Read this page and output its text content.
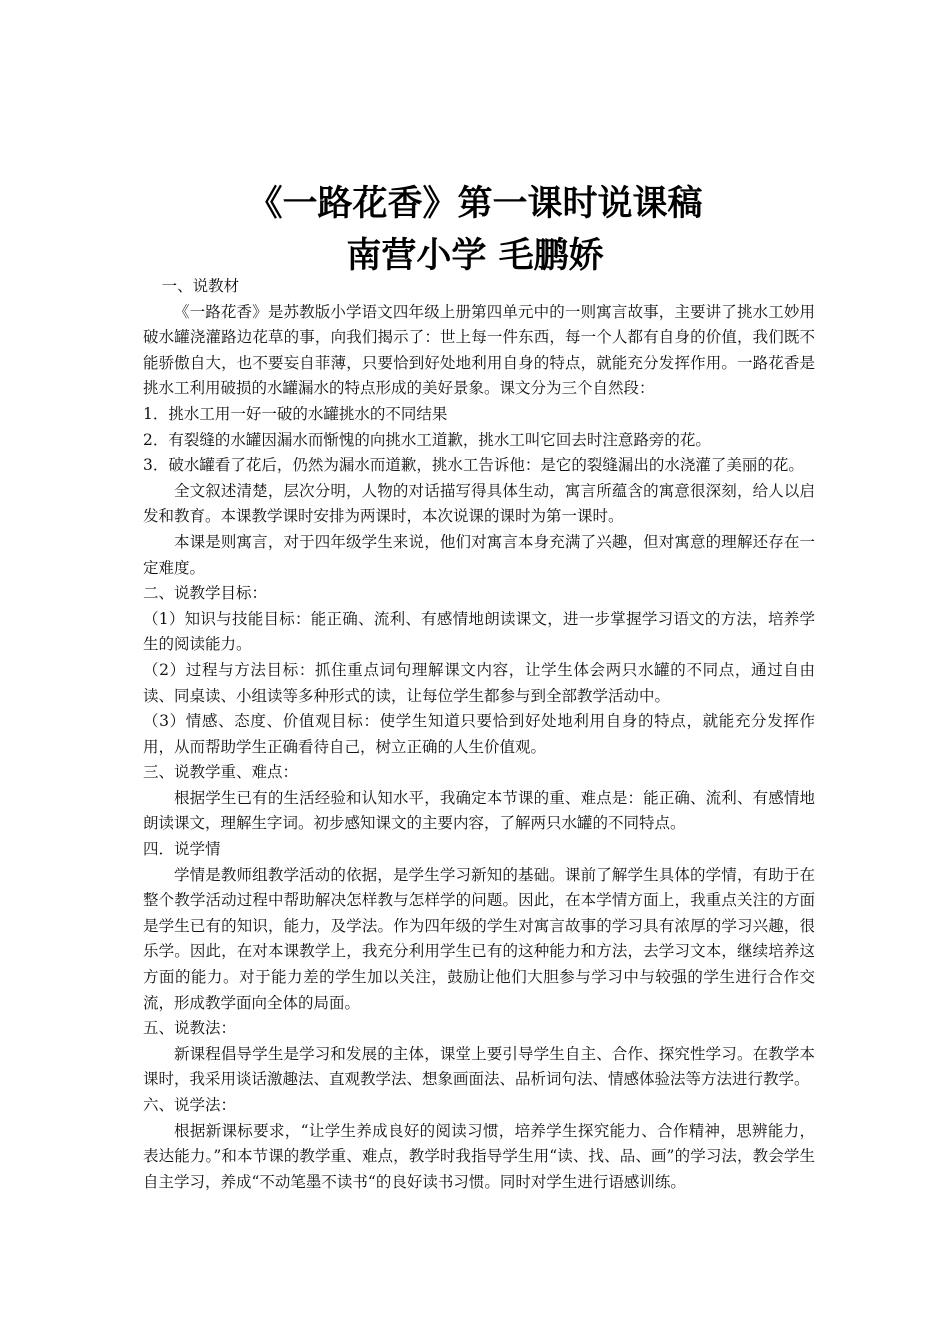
《一路花香》第一课时说课稿
南营小学 毛鹏娇

一、说教材

《一路花香》是苏教版小学语文四年级上册第四单元中的一则寓言故事，主要讲了挑水工妙用破水罐浇灌路边花草的事，向我们揭示了：世上每一件东西，每一个人都有自身的价值，我们既不能骄傲自大，也不要妄自菲薄，只要恰到好处地利用自身的特点，就能充分发挥作用。一路花香是挑水工利用破损的水罐漏水的特点形成的美好景象。课文分为三个自然段：

1．挑水工用一好一破的水罐挑水的不同结果

2．有裂缝的水罐因漏水而惭愧的向挑水工道歉，挑水工叫它回去时注意路旁的花。

3．破水罐看了花后，仍然为漏水而道歉，挑水工告诉他：是它的裂缝漏出的水浇灌了美丽的花。

全文叙述清楚，层次分明，人物的对话描写得具体生动，寓言所蕴含的寓意很深刻，给人以启发和教育。本课教学课时安排为两课时，本次说课的课时为第一课时。

本课是则寓言，对于四年级学生来说，他们对寓言本身充满了兴趣，但对寓意的理解还存在一定难度。

二、说教学目标：

（1）知识与技能目标：能正确、流利、有感情地朗读课文，进一步掌握学习语文的方法，培养学生的阅读能力。

（2）过程与方法目标：抓住重点词句理解课文内容，让学生体会两只水罐的不同点，通过自由读、同桌读、小组读等多种形式的读，让每位学生都参与到全部教学活动中。

（3）情感、态度、价值观目标：使学生知道只要恰到好处地利用自身的特点，就能充分发挥作用，从而帮助学生正确看待自己，树立正确的人生价值观。

三、说教学重、难点：

根据学生已有的生活经验和认知水平，我确定本节课的重、难点是：能正确、流利、有感情地朗读课文，理解生字词。初步感知课文的主要内容，了解两只水罐的不同特点。

四．说学情

学情是教师组教学活动的依据，是学生学习新知的基础。课前了解学生具体的学情，有助于在整个教学活动过程中帮助解决怎样教与怎样学的问题。因此，在本学情方面上，我重点关注的方面是学生已有的知识，能力，及学法。作为四年级的学生对寓言故事的学习具有浓厚的学习兴趣，很乐学。因此，在对本课教学上，我充分利用学生已有的这种能力和方法，去学习文本，继续培养这方面的能力。对于能力差的学生加以关注，鼓励让他们大胆参与学习中与较强的学生进行合作交流，形成教学面向全体的局面。

五、说教法：

新课程倡导学生是学习和发展的主体，课堂上要引导学生自主、合作、探究性学习。在教学本课时，我采用谈话激趣法、直观教学法、想象画面法、品析词句法、情感体验法等方法进行教学。

六、说学法：

根据新课标要求，“让学生养成良好的阅读习惯，培养学生探究能力、合作精神，思辨能力，表达能力。”和本节课的教学重、难点，教学时我指导学生用“读、找、品、画”的学习法，教会学生自主学习，养成“不动笔墨不读书“的良好读书习惯。同时对学生进行语感训练。
